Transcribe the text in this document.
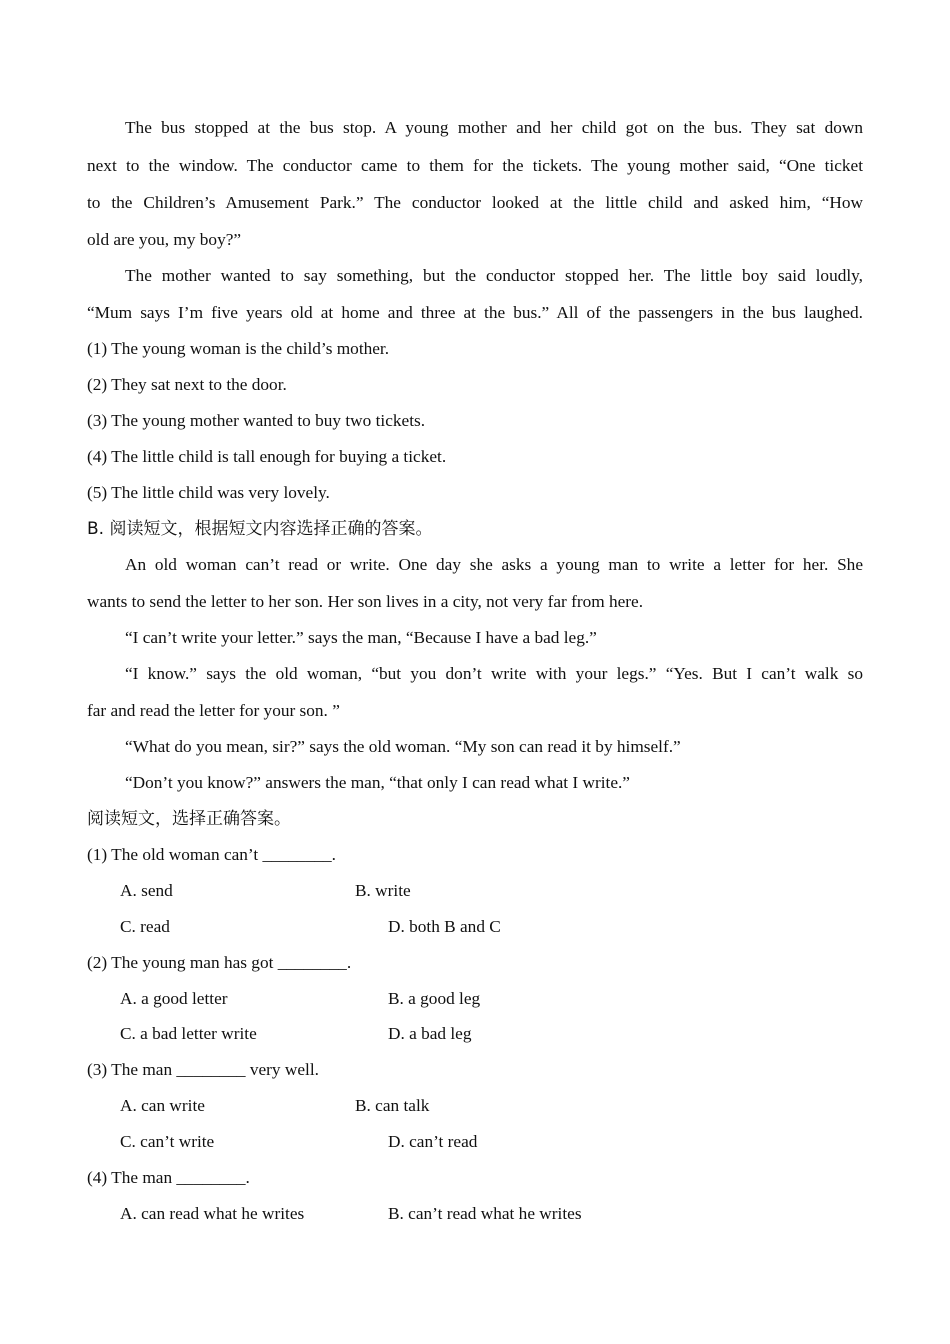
The bus stopped at the bus stop. A young mother and her child got on the bus. They sat down
next to the window. The conductor came to them for the tickets. The young mother said, “One ticket
to the Children’s Amusement Park.” The conductor looked at the little child and asked him, “How
old are you, my boy?”
The mother wanted to say something, but the conductor stopped her. The little boy said loudly,
“Mum says I’m five years old at home and three at the bus.” All of the passengers in the bus laughed.
(1) The young woman is the child’s mother.
(2) They sat next to the door.
(3) The young mother wanted to buy two tickets.
(4) The little child is tall enough for buying a ticket.
(5) The little child was very lovely.
B. 阅读短文，根据短文内容选择正确的答案。
An old woman can’t read or write. One day she asks a young man to write a letter for her. She
wants to send the letter to her son. Her son lives in a city, not very far from here.
“I can’t write your letter.” says the man, “Because I have a bad leg.”
“I know.” says the old woman, “but you don’t write with your legs.” “Yes. But I can’t walk so
far and read the letter for your son. ”
“What do you mean, sir?” says the old woman. “My son can read it by himself.”
“Don’t you know?” answers the man, “that only I can read what I write.”
阅读短文，选择正确答案。
(1) The old woman can’t ________.
A. send	B. write
C. read	D. both B and C
(2) The young man has got ________.
A. a good letter	B. a good leg
C. a bad letter write	D. a bad leg
(3) The man ________ very well.
A. can write	B. can talk
C. can’t write	D. can’t read
(4) The man ________.
A. can read what he writes	B. can’t read what he writes
